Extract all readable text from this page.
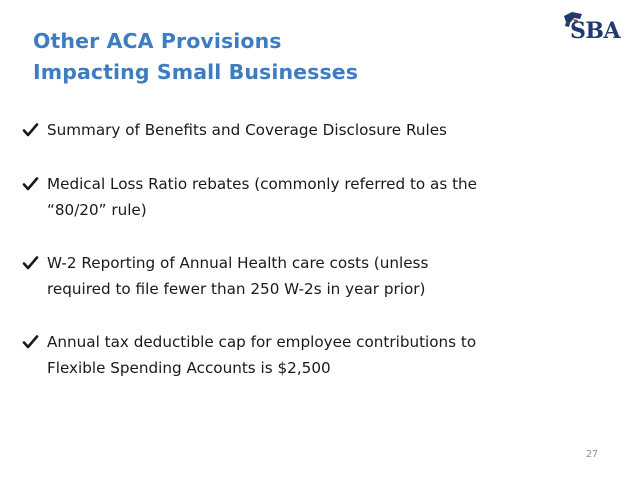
Other ACA Provisions
Impacting Small Businesses
SBA
Summary of Benefits and Coverage Disclosure Rules
Medical Loss Ratio rebates (commonly referred to as the
“80/20” rule)
W-2 Reporting of Annual Health care costs (unless
required to file fewer than 250 W-2s in year prior)
Annual tax deductible cap for employee contributions to
Flexible Spending Accounts is $2,500
27
